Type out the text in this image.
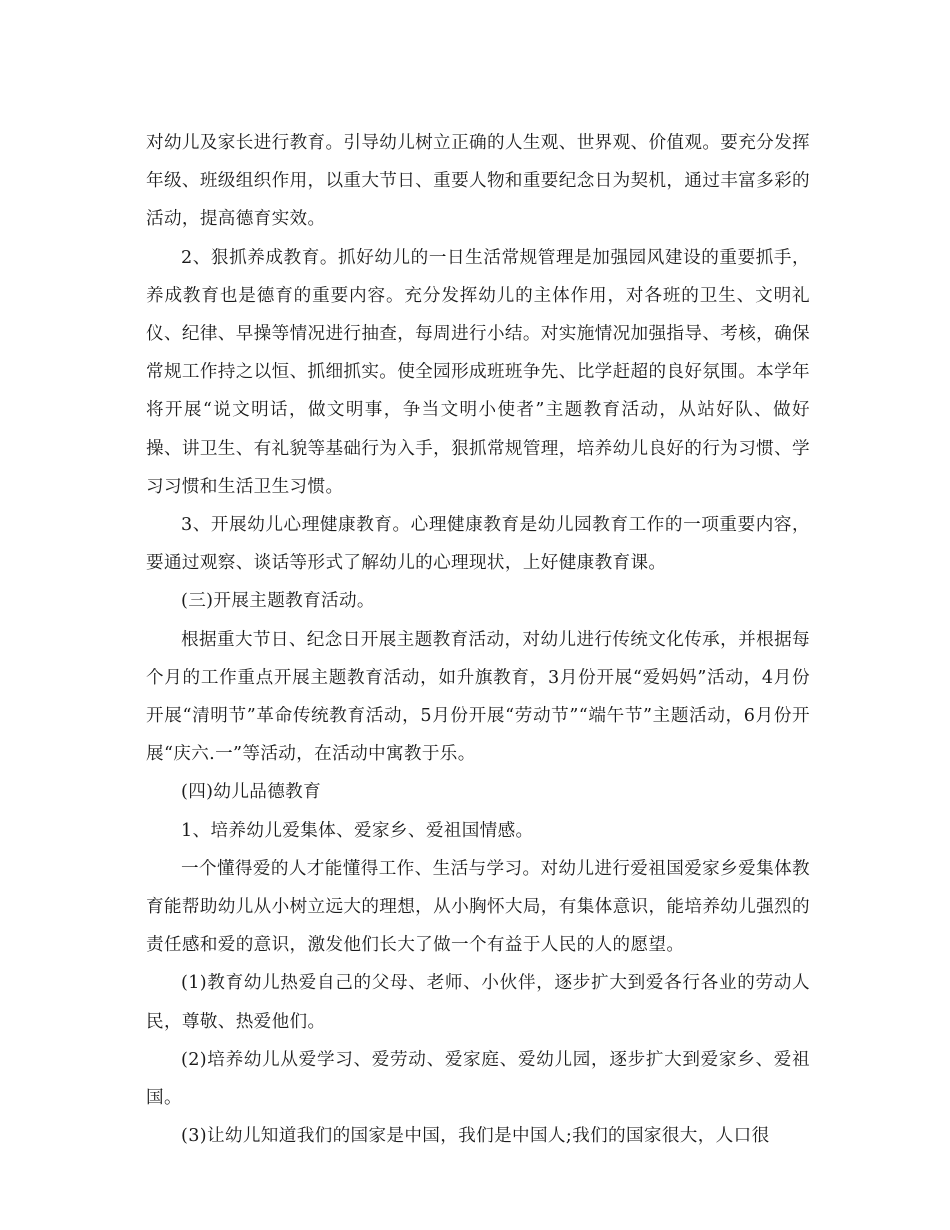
对幼儿及家长进行教育。引导幼儿树立正确的人生观、世界观、价值观。要充分发挥年级、班级组织作用，以重大节日、重要人物和重要纪念日为契机，通过丰富多彩的活动，提高德育实效。

2、狠抓养成教育。抓好幼儿的一日生活常规管理是加强园风建设的重要抓手，养成教育也是德育的重要内容。充分发挥幼儿的主体作用，对各班的卫生、文明礼仪、纪律、早操等情况进行抽查，每周进行小结。对实施情况加强指导、考核，确保常规工作持之以恒、抓细抓实。使全园形成班班争先、比学赶超的良好氛围。本学年将开展“说文明话，做文明事，争当文明小使者”主题教育活动，从站好队、做好操、讲卫生、有礼貌等基础行为入手，狠抓常规管理，培养幼儿良好的行为习惯、学习习惯和生活卫生习惯。

3、开展幼儿心理健康教育。心理健康教育是幼儿园教育工作的一项重要内容，要通过观察、谈话等形式了解幼儿的心理现状，上好健康教育课。

(三)开展主题教育活动。

根据重大节日、纪念日开展主题教育活动，对幼儿进行传统文化传承，并根据每个月的工作重点开展主题教育活动，如升旗教育，3月份开展“爱妈妈”活动，4月份开展“清明节”革命传统教育活动，5月份开展“劳动节”“端午节”主题活动，6月份开展“庆六.一”等活动，在活动中寓教于乐。

(四)幼儿品德教育

1、培养幼儿爱集体、爱家乡、爱祖国情感。

一个懂得爱的人才能懂得工作、生活与学习。对幼儿进行爱祖国爱家乡爱集体教育能帮助幼儿从小树立远大的理想，从小胸怀大局，有集体意识，能培养幼儿强烈的责任感和爱的意识，激发他们长大了做一个有益于人民的人的愿望。

(1)教育幼儿热爱自己的父母、老师、小伙伴，逐步扩大到爱各行各业的劳动人民，尊敬、热爱他们。

(2)培养幼儿从爱学习、爱劳动、爱家庭、爱幼儿园，逐步扩大到爱家乡、爱祖国。

(3)让幼儿知道我们的国家是中国，我们是中国人;我们的国家很大，人口很
